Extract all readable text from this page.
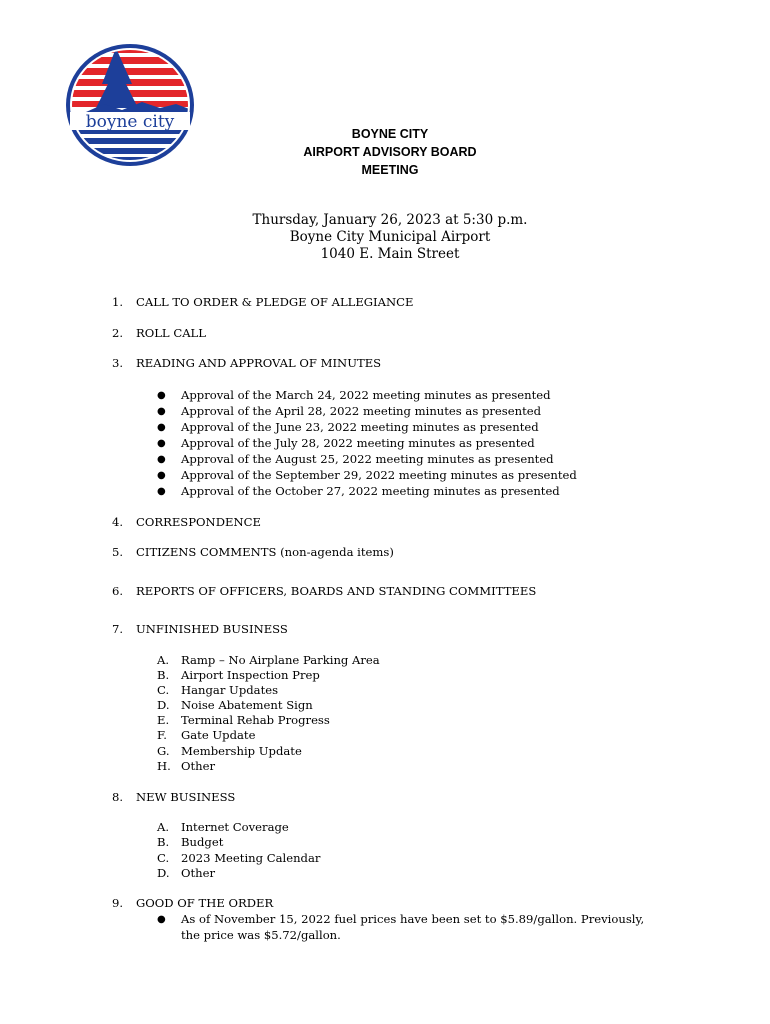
boyne city
BOYNE CITY
AIRPORT ADVISORY BOARD
MEETING
Thursday, January 26, 2023 at 5:30 p.m.
Boyne City Municipal Airport
1040 E. Main Street
1. CALL TO ORDER & PLEDGE OF ALLEGIANCE
2. ROLL CALL
3. READING AND APPROVAL OF MINUTES
● Approval of the March 24, 2022 meeting minutes as presented
● Approval of the April 28, 2022 meeting minutes as presented
● Approval of the June 23, 2022 meeting minutes as presented
● Approval of the July 28, 2022 meeting minutes as presented
● Approval of the August 25, 2022 meeting minutes as presented
● Approval of the September 29, 2022 meeting minutes as presented
● Approval of the October 27, 2022 meeting minutes as presented
4. CORRESPONDENCE
5. CITIZENS COMMENTS (non-agenda items)
6. REPORTS OF OFFICERS, BOARDS AND STANDING COMMITTEES
7. UNFINISHED BUSINESS
A. Ramp – No Airplane Parking Area
B. Airport Inspection Prep
C. Hangar Updates
D. Noise Abatement Sign
E. Terminal Rehab Progress
F. Gate Update
G. Membership Update
H. Other
8. NEW BUSINESS
A. Internet Coverage
B. Budget
C. 2023 Meeting Calendar
D. Other
9. GOOD OF THE ORDER
● As of November 15, 2022 fuel prices have been set to $5.89/gallon. Previously,
the price was $5.72/gallon.
